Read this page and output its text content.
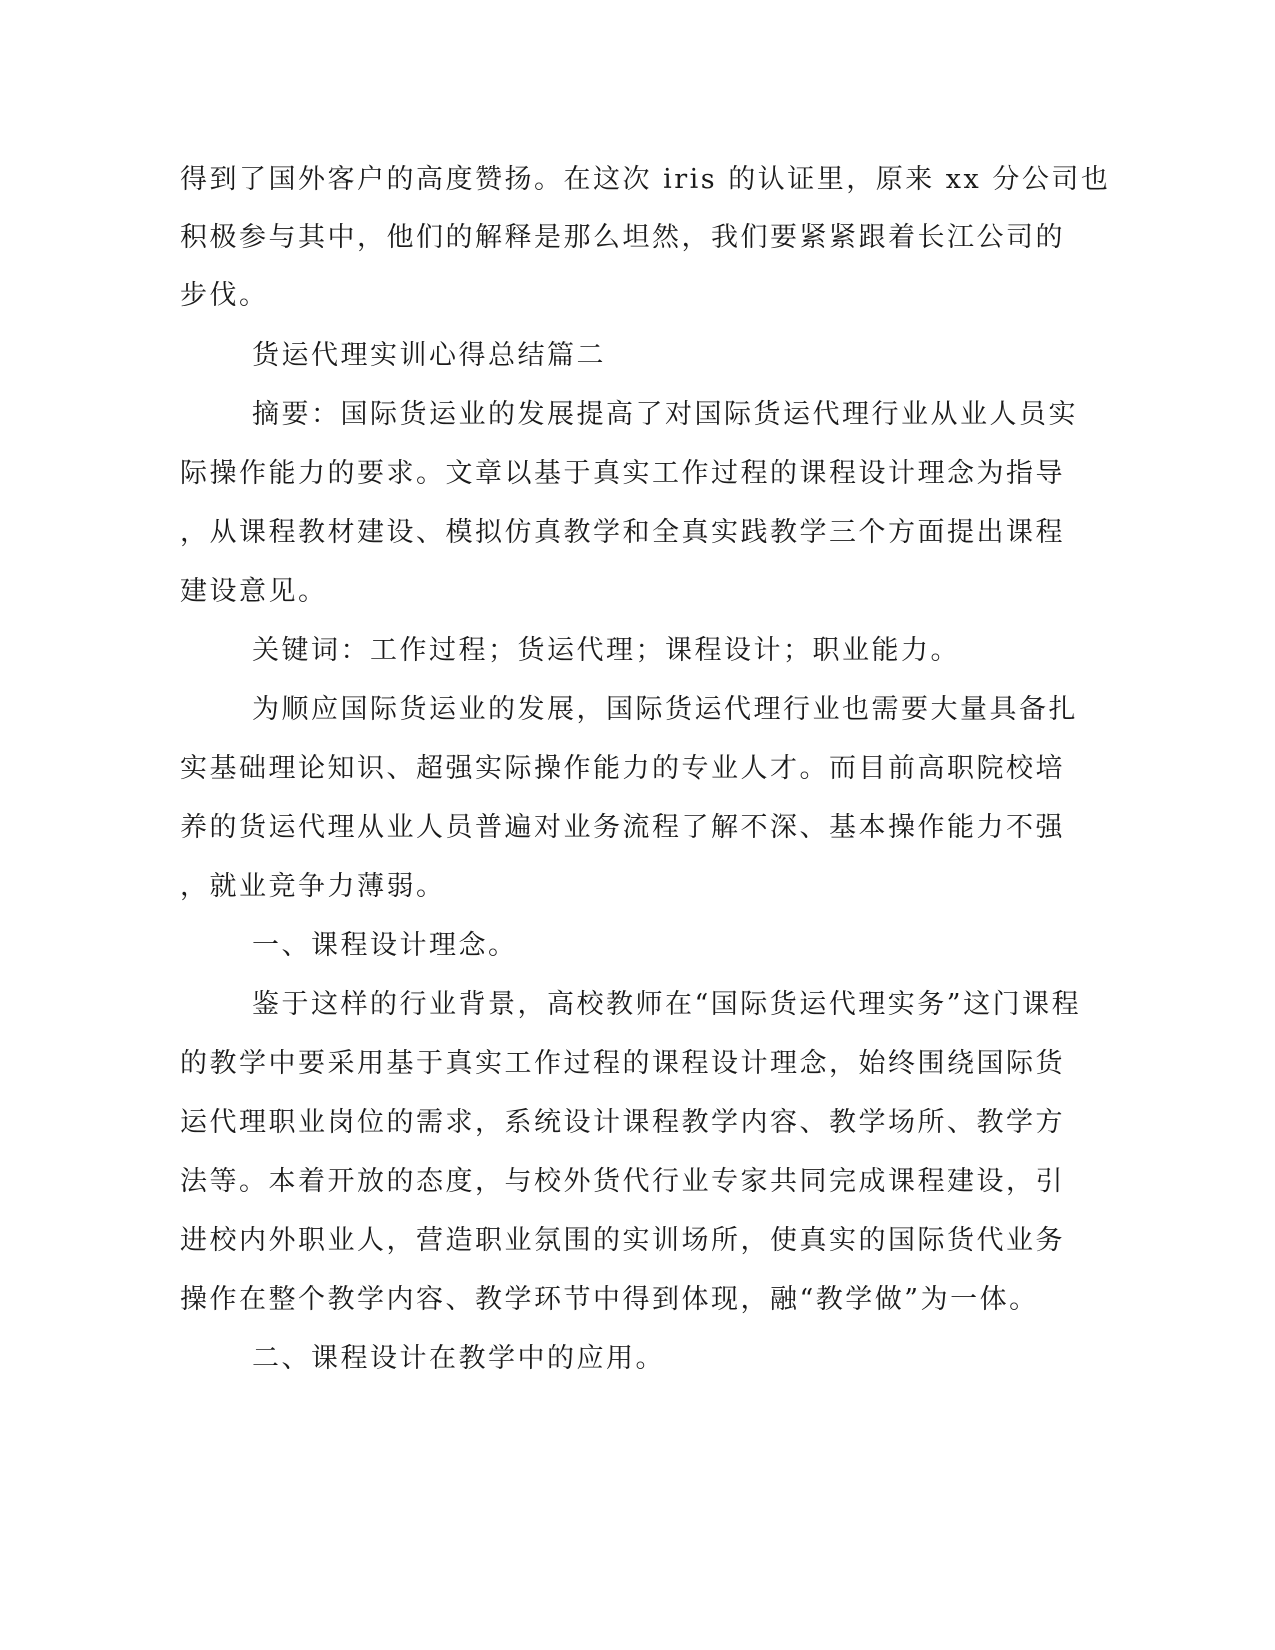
得到了国外客户的高度赞扬。在这次 iris 的认证里，原来 xx 分公司也
积极参与其中，他们的解释是那么坦然，我们要紧紧跟着长江公司的
步伐。
货运代理实训心得总结篇二
摘要：国际货运业的发展提高了对国际货运代理行业从业人员实
际操作能力的要求。文章以基于真实工作过程的课程设计理念为指导
，从课程教材建设、模拟仿真教学和全真实践教学三个方面提出课程
建设意见。
关键词：工作过程；货运代理；课程设计；职业能力。
为顺应国际货运业的发展，国际货运代理行业也需要大量具备扎
实基础理论知识、超强实际操作能力的专业人才。而目前高职院校培
养的货运代理从业人员普遍对业务流程了解不深、基本操作能力不强
，就业竞争力薄弱。
一、课程设计理念。
鉴于这样的行业背景，高校教师在“国际货运代理实务”这门课程
的教学中要采用基于真实工作过程的课程设计理念，始终围绕国际货
运代理职业岗位的需求，系统设计课程教学内容、教学场所、教学方
法等。本着开放的态度，与校外货代行业专家共同完成课程建设，引
进校内外职业人，营造职业氛围的实训场所，使真实的国际货代业务
操作在整个教学内容、教学环节中得到体现，融“教学做”为一体。
二、课程设计在教学中的应用。
